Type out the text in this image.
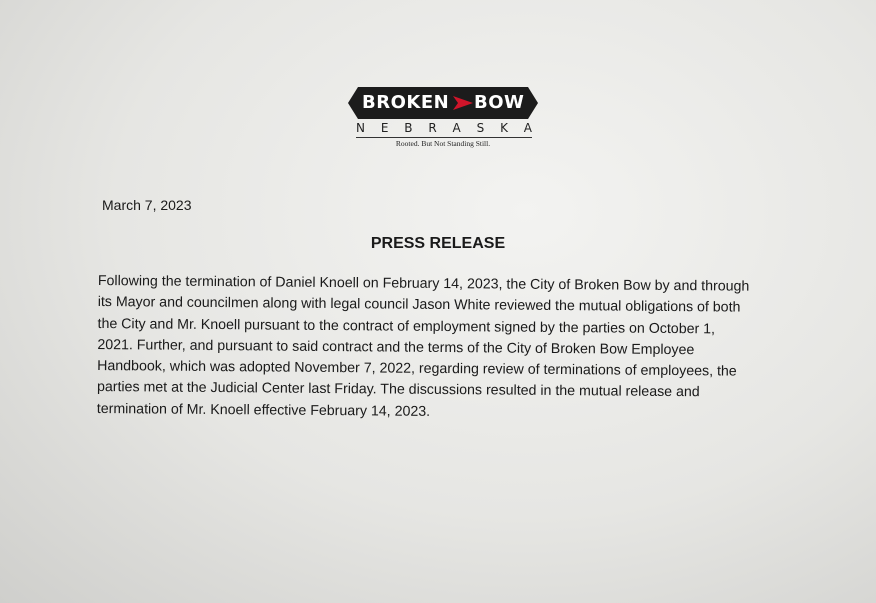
BROKEN BOW
N E B R A S K A
Rooted. But Not Standing Still.
March 7, 2023
PRESS RELEASE
Following the termination of Daniel Knoell on February 14, 2023, the City of Broken Bow by and through
its Mayor and councilmen along with legal council Jason White reviewed the mutual obligations of both
the City and Mr. Knoell pursuant to the contract of employment signed by the parties on October 1,
2021. Further, and pursuant to said contract and the terms of the City of Broken Bow Employee
Handbook, which was adopted November 7, 2022, regarding review of terminations of employees, the
parties met at the Judicial Center last Friday. The discussions resulted in the mutual release and
termination of Mr. Knoell effective February 14, 2023.
